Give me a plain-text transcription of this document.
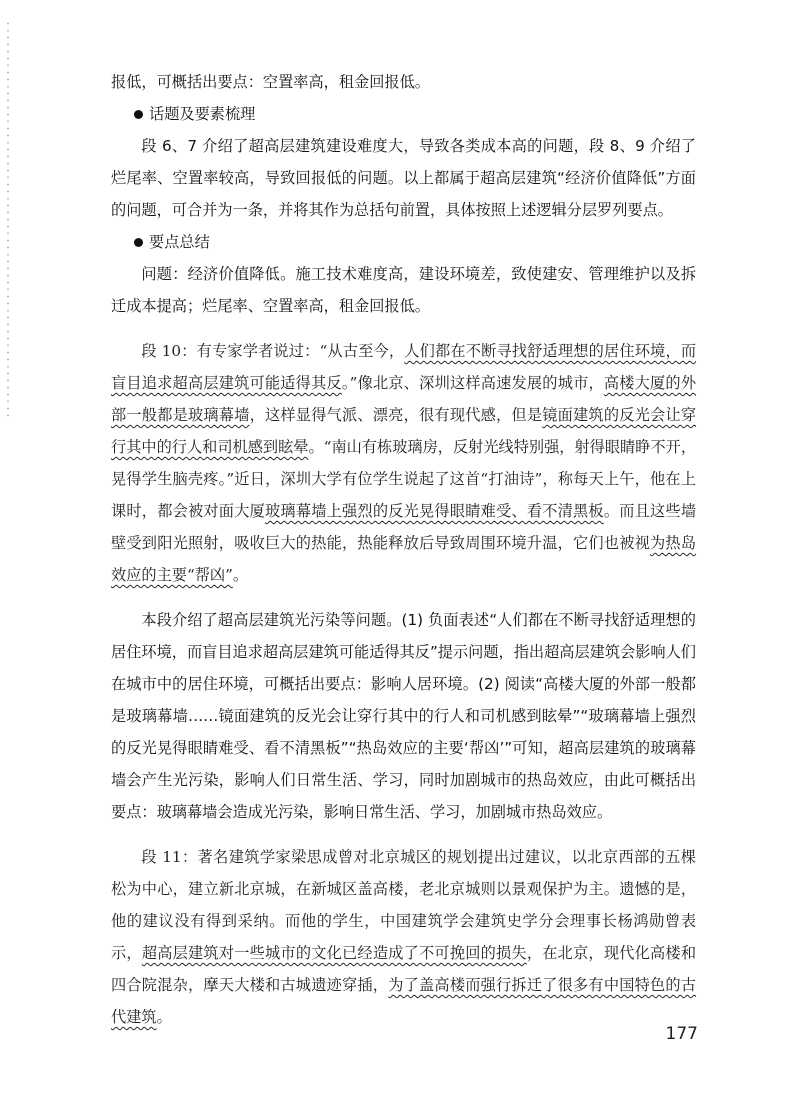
报低，可概括出要点：空置率高，租金回报低。

话题及要素梳理

段 6、7 介绍了超高层建筑建设难度大，导致各类成本高的问题，段 8、9 介绍了烂尾率、空置率较高，导致回报低的问题。以上都属于超高层建筑“经济价值降低”方面的问题，可合并为一条，并将其作为总括句前置，具体按照上述逻辑分层罗列要点。

要点总结

问题：经济价值降低。施工技术难度高，建设环境差，致使建安、管理维护以及拆迁成本提高；烂尾率、空置率高，租金回报低。

段 10：有专家学者说过：“从古至今，人们都在不断寻找舒适理想的居住环境，而盲目追求超高层建筑可能适得其反。”像北京、深圳这样高速发展的城市，高楼大厦的外部一般都是玻璃幕墙，这样显得气派、漂亮，很有现代感，但是镜面建筑的反光会让穿行其中的行人和司机感到眩晕。“南山有栋玻璃房，反射光线特别强，射得眼睛睁不开，晃得学生脑壳疼。”近日，深圳大学有位学生说起了这首“打油诗”，称每天上午，他在上课时，都会被对面大厦玻璃幕墙上强烈的反光晃得眼睛难受、看不清黑板。而且这些墙壁受到阳光照射，吸收巨大的热能，热能释放后导致周围环境升温，它们也被视为热岛效应的主要“帮凶”。

本段介绍了超高层建筑光污染等问题。(1) 负面表述“人们都在不断寻找舒适理想的居住环境，而盲目追求超高层建筑可能适得其反”提示问题，指出超高层建筑会影响人们在城市中的居住环境，可概括出要点：影响人居环境。(2) 阅读“高楼大厦的外部一般都是玻璃幕墙……镜面建筑的反光会让穿行其中的行人和司机感到眩晕”“玻璃幕墙上强烈的反光晃得眼睛难受、看不清黑板”“热岛效应的主要‘帮凶’”可知，超高层建筑的玻璃幕墙会产生光污染，影响人们日常生活、学习，同时加剧城市的热岛效应，由此可概括出要点：玻璃幕墙会造成光污染，影响日常生活、学习，加剧城市热岛效应。

段 11：著名建筑学家梁思成曾对北京城区的规划提出过建议，以北京西部的五棵松为中心，建立新北京城，在新城区盖高楼，老北京城则以景观保护为主。遗憾的是，他的建议没有得到采纳。而他的学生，中国建筑学会建筑史学分会理事长杨鸿勋曾表示，超高层建筑对一些城市的文化已经造成了不可挽回的损失，在北京，现代化高楼和四合院混杂，摩天大楼和古城遗迹穿插，为了盖高楼而强行拆迁了很多有中国特色的古代建筑。

177
